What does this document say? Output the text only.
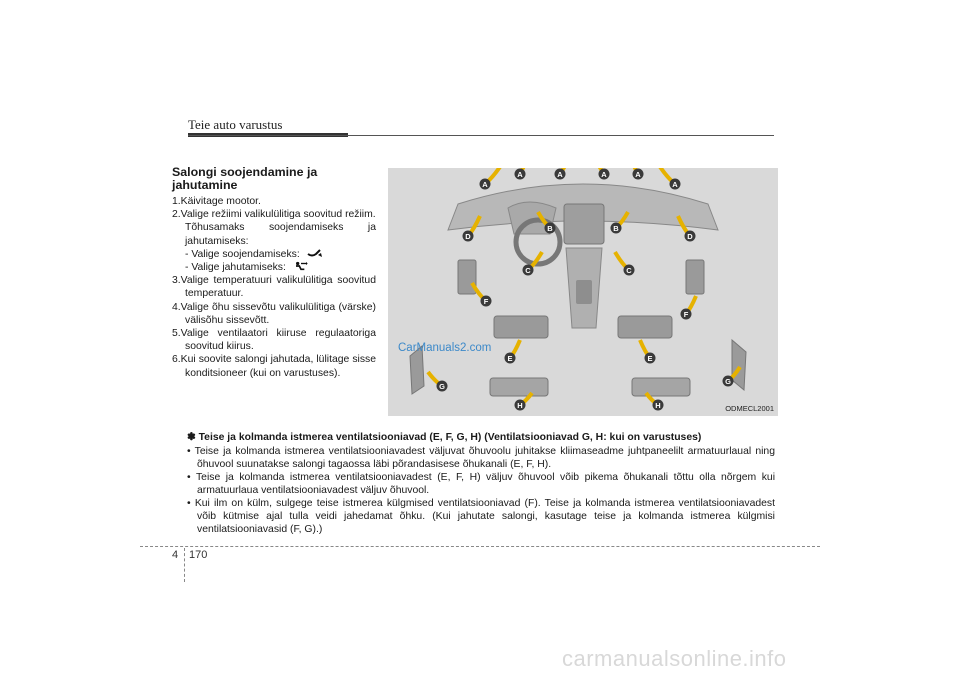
Teie auto varustus
Salongi soojendamine ja
jahutamine
1.Käivitage mootor.
2.Valige režiimi valikulülitiga soovitud režiim.
Tõhusamaks soojendamiseks ja jahutamiseks:
- Valige soojendamiseks:
- Valige jahutamiseks:
3.Valige temperatuuri valikulülitiga soovitud temperatuur.
4.Valige õhu sissevõtu valikulülitiga (värske) välisõhu sissevõtt.
5.Valige ventilaatori kiiruse regulaatoriga soovitud kiirus.
6.Kui soovite salongi jahutada, lülitage sisse konditsioneer (kui on varustuses).
A
A	A	A	A
A
D	D
B	B
C	C
F
F
E	E
G
G
H	H	ODMECL2001
CarManuals2.com
✽ Teise ja kolmanda istmerea ventilatsiooniavad (E, F, G, H) (Ventilatsiooniavad G, H: kui on varustuses)
• Teise ja kolmanda istmerea ventilatsiooniavadest väljuvat õhuvoolu juhitakse kliimaseadme juhtpaneelilt armatuurlaual ning õhuvool suunatakse salongi tagaossa läbi põrandasisese õhukanali (E, F, H).
• Teise ja kolmanda istmerea ventilatsiooniavadest (E, F, H) väljuv õhuvool võib pikema õhukanali tõttu olla nõrgem kui armatuurlaua ventilatsiooniavadest väljuv õhuvool.
• Kui ilm on külm, sulgege teise istmerea külgmised ventilatsiooniavad (F). Teise ja kolmanda istmerea ventilatsiooniavadest võib kütmise ajal tulla veidi jahedamat õhku. (Kui jahutate salongi, kasutage teise ja kolmanda istmerea külgmisi ventilatsiooniavasid (F, G).)
4 170
carmanualsonline.info
